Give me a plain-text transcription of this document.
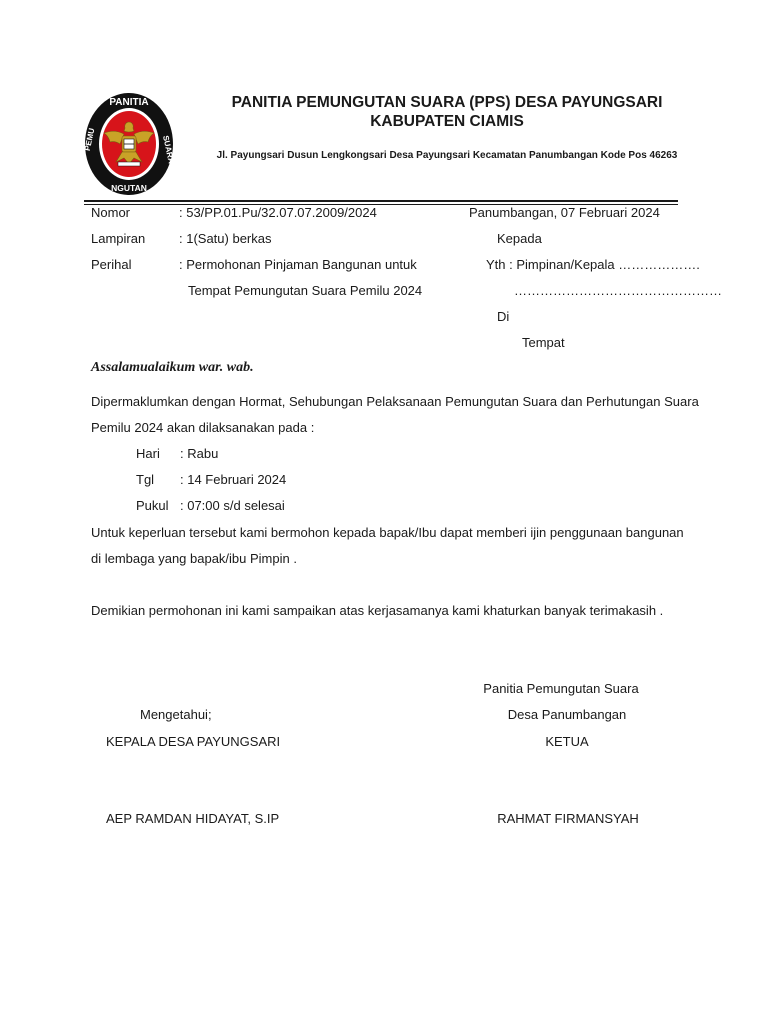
PANITIA
PEMU	SUARA
NGUTAN
PANITIA PEMUNGUTAN SUARA (PPS) DESA PAYUNGSARI
KABUPATEN CIAMIS
Jl. Payungsari Dusun Lengkongsari Desa Payungsari Kecamatan Panumbangan Kode Pos 46263
Nomor	: 53/PP.01.Pu/32.07.07.2009/2024
Lampiran	: 1(Satu) berkas
Perihal	: Permohonan Pinjaman Bangunan untuk
Tempat Pemungutan Suara Pemilu 2024
Panumbangan, 07 Februari 2024
Kepada
Yth : Pimpinan/Kepala ……………….
…………………………………………
Di
Tempat
Assalamualaikum war. wab.
Dipermaklumkan dengan Hormat, Sehubungan Pelaksanaan Pemungutan Suara dan Perhutungan Suara
Pemilu 2024 akan dilaksanakan pada :
Hari : Rabu
Tgl : 14 Februari 2024
Pukul : 07:00 s/d selesai
Untuk keperluan tersebut kami bermohon kepada bapak/Ibu dapat memberi ijin penggunaan bangunan
di lembaga yang bapak/ibu Pimpin .
Demikian permohonan ini kami sampaikan atas kerjasamanya kami khaturkan banyak terimakasih .
Panitia Pemungutan Suara
Mengetahui;	Desa Panumbangan
KEPALA DESA PAYUNGSARI	KETUA
AEP RAMDAN HIDAYAT, S.IP	RAHMAT FIRMANSYAH
